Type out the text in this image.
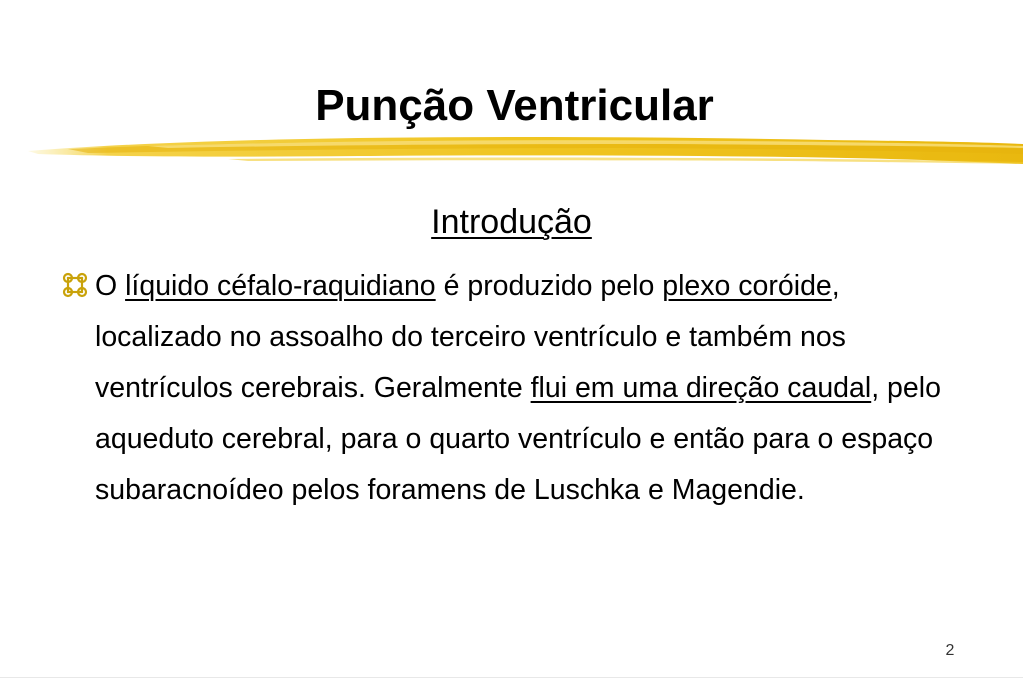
Punção Ventricular
Introdução

O líquido céfalo-raquidiano é produzido pelo plexo coróide, localizado no assoalho do terceiro ventrículo e também nos ventrículos cerebrais. Geralmente flui em uma direção caudal, pelo aqueduto cerebral, para o quarto ventrículo e então para o espaço subaracnoídeo pelos foramens de Luschka e Magendie.

2
